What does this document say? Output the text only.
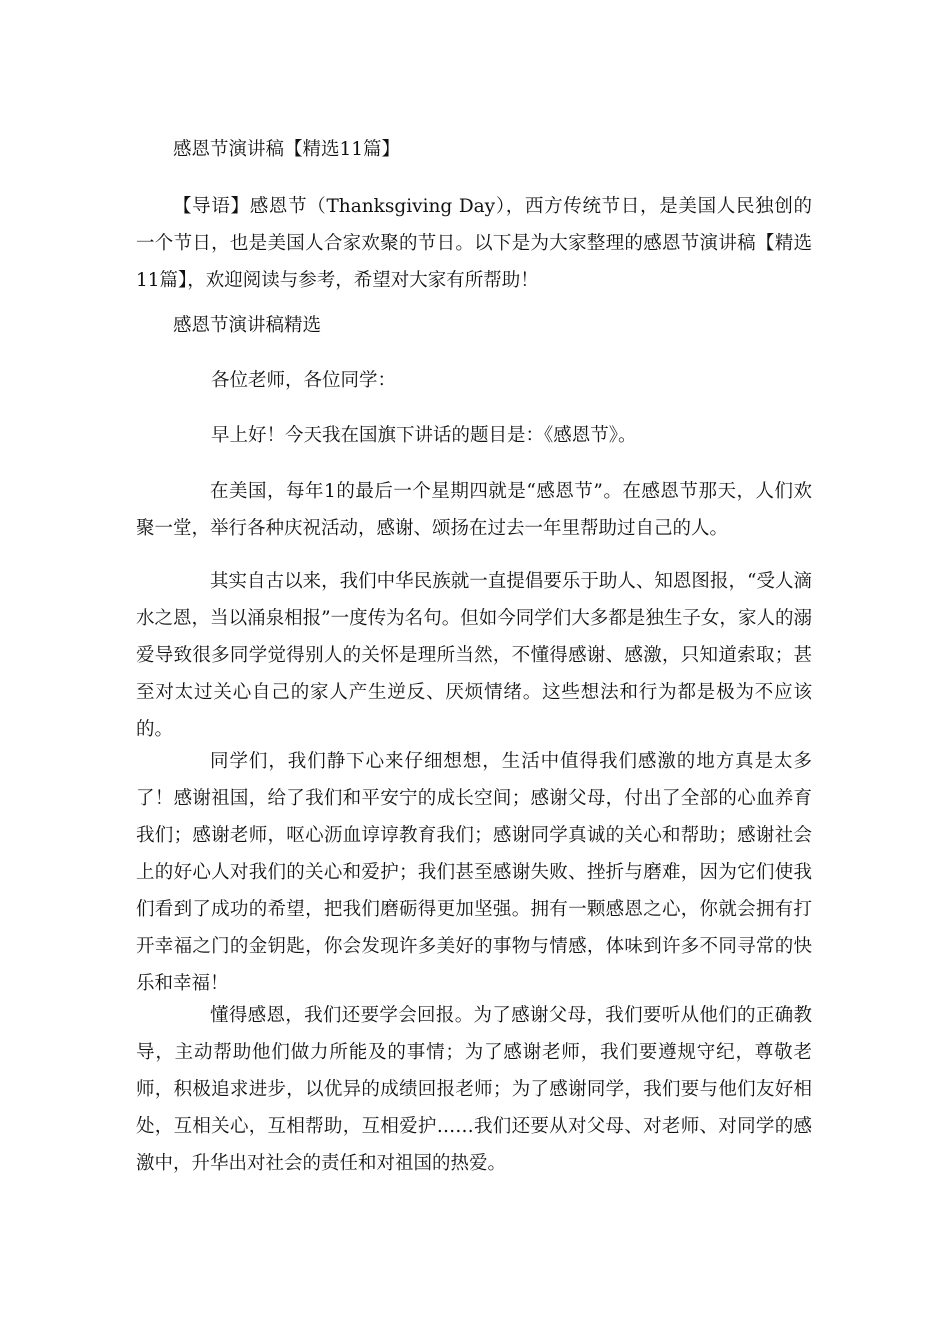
感恩节演讲稿【精选11篇】

【导语】感恩节（Thanksgiving Day），西方传统节日，是美国人民独创的一个节日，也是美国人合家欢聚的节日。以下是为大家整理的感恩节演讲稿【精选11篇】，欢迎阅读与参考，希望对大家有所帮助！

感恩节演讲稿精选

各位老师，各位同学：

早上好！今天我在国旗下讲话的题目是：《感恩节》。

在美国，每年1的最后一个星期四就是“感恩节”。在感恩节那天，人们欢聚一堂，举行各种庆祝活动，感谢、颂扬在过去一年里帮助过自己的人。

其实自古以来，我们中华民族就一直提倡要乐于助人、知恩图报，“受人滴水之恩，当以涌泉相报”一度传为名句。但如今同学们大多都是独生子女，家人的溺爱导致很多同学觉得别人的关怀是理所当然，不懂得感谢、感激，只知道索取；甚至对太过关心自己的家人产生逆反、厌烦情绪。这些想法和行为都是极为不应该的。

同学们，我们静下心来仔细想想，生活中值得我们感激的地方真是太多了！感谢祖国，给了我们和平安宁的成长空间；感谢父母，付出了全部的心血养育我们；感谢老师，呕心沥血谆谆教育我们；感谢同学真诚的关心和帮助；感谢社会上的好心人对我们的关心和爱护；我们甚至感谢失败、挫折与磨难，因为它们使我们看到了成功的希望，把我们磨砺得更加坚强。拥有一颗感恩之心，你就会拥有打开幸福之门的金钥匙，你会发现许多美好的事物与情感，体味到许多不同寻常的快乐和幸福！

懂得感恩，我们还要学会回报。为了感谢父母，我们要听从他们的正确教导，主动帮助他们做力所能及的事情；为了感谢老师，我们要遵规守纪，尊敬老师，积极追求进步，以优异的成绩回报老师；为了感谢同学，我们要与他们友好相处，互相关心，互相帮助，互相爱护……我们还要从对父母、对老师、对同学的感激中，升华出对社会的责任和对祖国的热爱。
